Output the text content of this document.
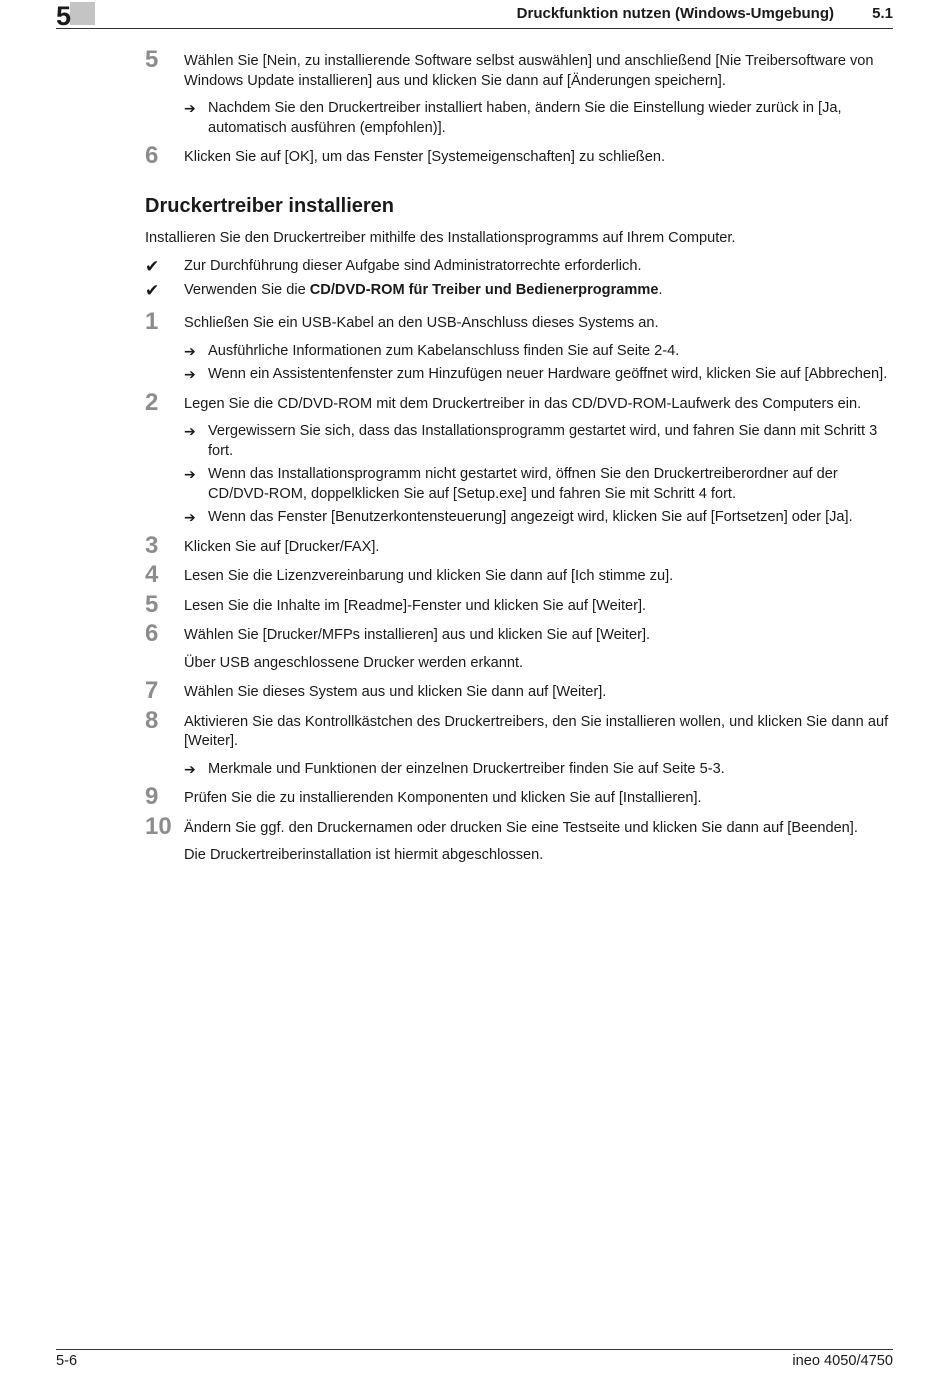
5	Druckfunktion nutzen (Windows-Umgebung)	5.1
5	Wählen Sie [Nein, zu installierende Software selbst auswählen] und anschließend [Nie Treibersoftware von Windows Update installieren] aus und klicken Sie dann auf [Änderungen speichern].
➔ Nachdem Sie den Druckertreiber installiert haben, ändern Sie die Einstellung wieder zurück in [Ja, automatisch ausführen (empfohlen)].
6	Klicken Sie auf [OK], um das Fenster [Systemeigenschaften] zu schließen.
Druckertreiber installieren
Installieren Sie den Druckertreiber mithilfe des Installationsprogramms auf Ihrem Computer.
✔ Zur Durchführung dieser Aufgabe sind Administratorrechte erforderlich.
✔ Verwenden Sie die CD/DVD-ROM für Treiber und Bedienerprogramme.
1	Schließen Sie ein USB-Kabel an den USB-Anschluss dieses Systems an.
➔ Ausführliche Informationen zum Kabelanschluss finden Sie auf Seite 2-4.
➔ Wenn ein Assistentenfenster zum Hinzufügen neuer Hardware geöffnet wird, klicken Sie auf [Abbrechen].
2	Legen Sie die CD/DVD-ROM mit dem Druckertreiber in das CD/DVD-ROM-Laufwerk des Computers ein.
➔ Vergewissern Sie sich, dass das Installationsprogramm gestartet wird, und fahren Sie dann mit Schritt 3 fort.
➔ Wenn das Installationsprogramm nicht gestartet wird, öffnen Sie den Druckertreiberordner auf der CD/DVD-ROM, doppelklicken Sie auf [Setup.exe] und fahren Sie mit Schritt 4 fort.
➔ Wenn das Fenster [Benutzerkontensteuerung] angezeigt wird, klicken Sie auf [Fortsetzen] oder [Ja].
3	Klicken Sie auf [Drucker/FAX].
4	Lesen Sie die Lizenzvereinbarung und klicken Sie dann auf [Ich stimme zu].
5	Lesen Sie die Inhalte im [Readme]-Fenster und klicken Sie auf [Weiter].
6	Wählen Sie [Drucker/MFPs installieren] aus und klicken Sie auf [Weiter].
Über USB angeschlossene Drucker werden erkannt.
7	Wählen Sie dieses System aus und klicken Sie dann auf [Weiter].
8	Aktivieren Sie das Kontrollkästchen des Druckertreibers, den Sie installieren wollen, und klicken Sie dann auf [Weiter].
➔ Merkmale und Funktionen der einzelnen Druckertreiber finden Sie auf Seite 5-3.
9	Prüfen Sie die zu installierenden Komponenten und klicken Sie auf [Installieren].
10 Ändern Sie ggf. den Druckernamen oder drucken Sie eine Testseite und klicken Sie dann auf [Beenden].
Die Druckertreiberinstallation ist hiermit abgeschlossen.
5-6	ineo 4050/4750
